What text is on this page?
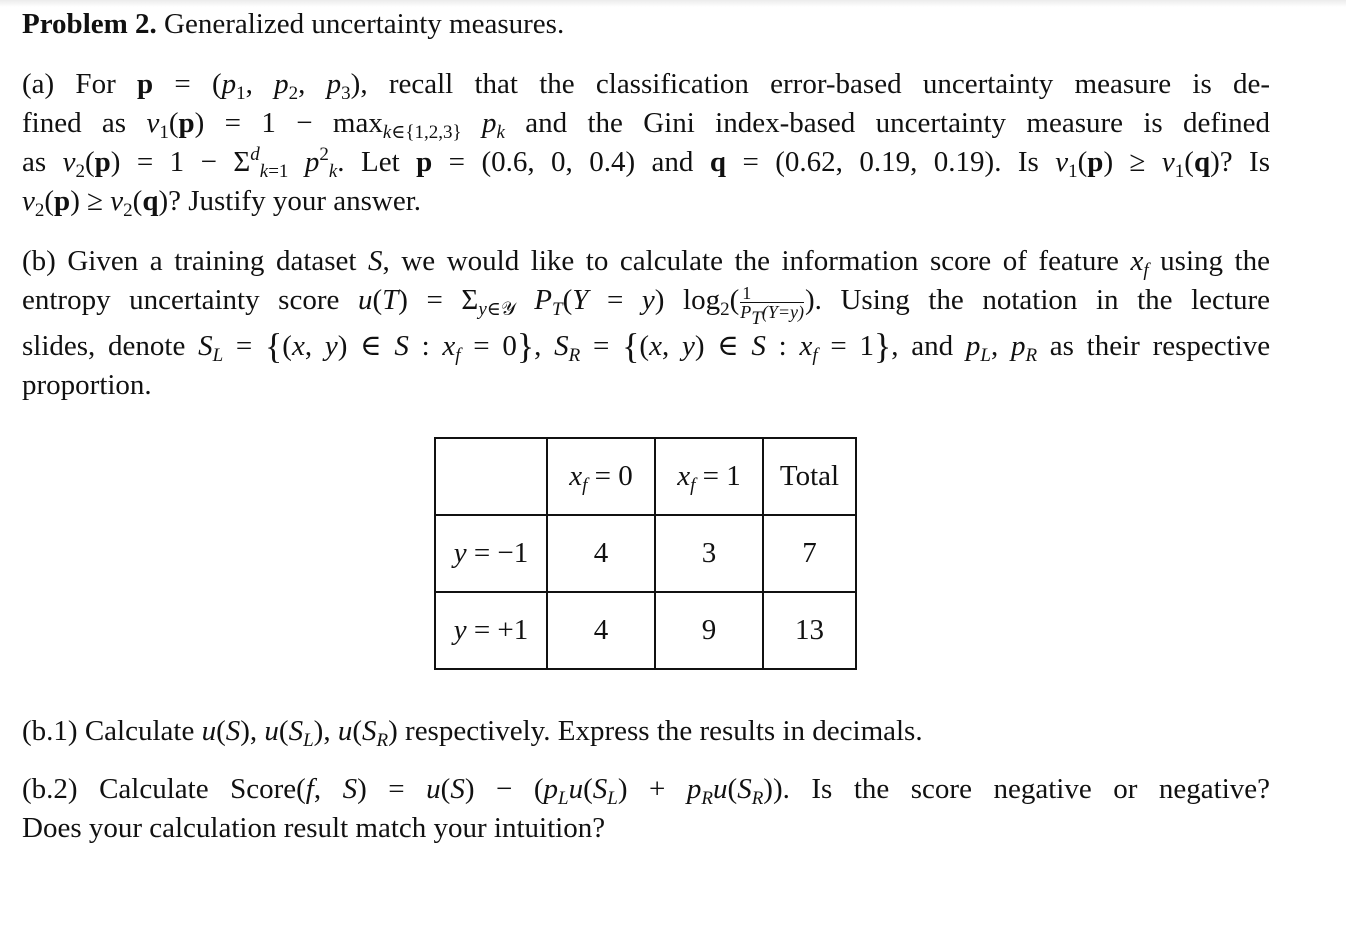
Problem 2. Generalized uncertainty measures.
(a) For $p = (p_1$, $p_2$, $p_3$), recall that the classification error-based uncertainty measure is de-
fined as $v_1(p) = 1 - \max_{k\in\{1,2,3\}} p_k$ and the Gini index-based uncertainty measure is defined
as $v_2(p) = 1 - \Sigma^d_{k=1}$ $p^2_k$. Let p = (0.6, 0, 0.4) and q = (0.62, 0.19, 0.19). Is $v_1(p) \ge v_1(q)$? Is
$v_2(p) \ge v_2(q)$? Justify your answer.
(b) Given a training dataset S, we would like to calculate the information score of feature $x_f$ using the
entropy uncertainty score $u(T) = \Sigma_{y\in 𝒴}$ $P_T(Y = y)$ $\log_2( \frac{1}{P_T(Y=y)}$ ). Using the notation in the lecture
slides, denote $S_L = \{(x$, y) ∈ S : $x_f = 0$}, $S_R = \{(x$, y) ∈ S : $x_f = 1$}, and $p_L$, $p_R$ as their respective
proportion.
(b.1) Calculate u(S), $u(S_L)$, $u(S_R)$ respectively. Express the results in decimals.
(b.2) Calculate Score(f, $S) = u(S) - (p_Lu(S_L) + p_Ru(S_R))$. Is the score negative or negative?
Does your calculation result match your intuition?
	$x_f = 0$	$x_f = 1$	Total
y = −1	4	3	7
y = +1	4	9	13
